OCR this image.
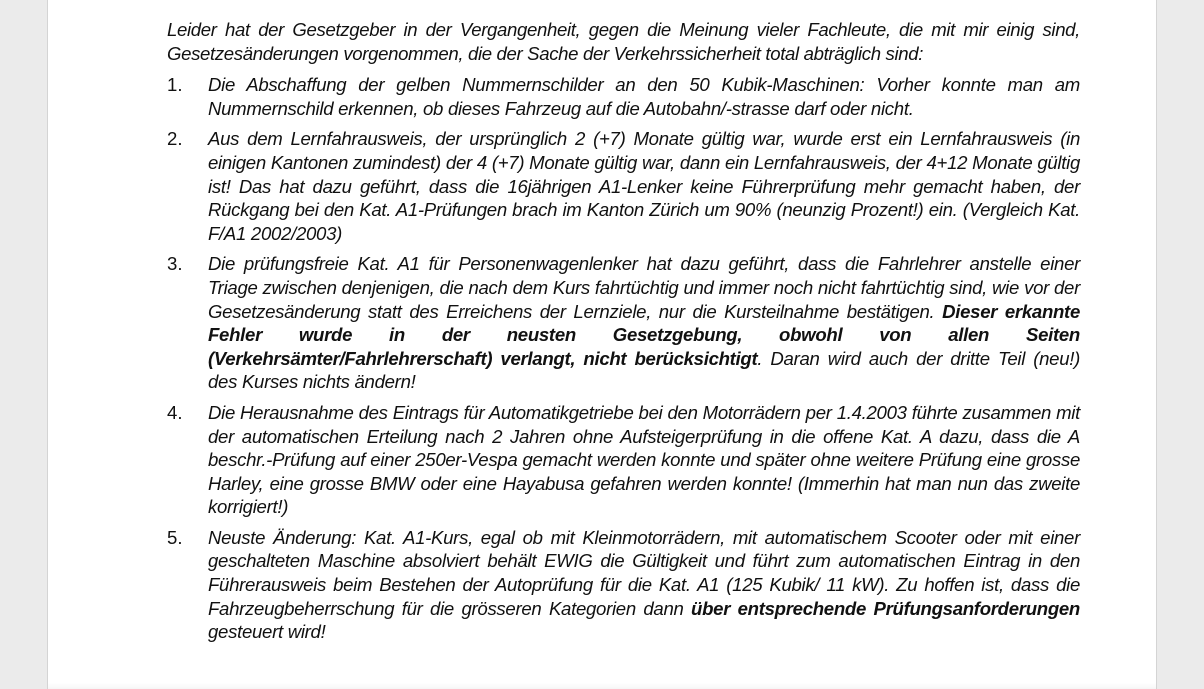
Leider hat der Gesetzgeber in der Vergangenheit, gegen die Meinung vieler Fachleute, die mit mir einig sind, Gesetzesänderungen vorgenommen, die der Sache der Verkehrssicherheit total abträglich sind:

1. Die Abschaffung der gelben Nummernschilder an den 50 Kubik-Maschinen: Vorher konnte man am Nummernschild erkennen, ob dieses Fahrzeug auf die Autobahn/-strasse darf oder nicht.

2. Aus dem Lernfahrausweis, der ursprünglich 2 (+7) Monate gültig war, wurde erst ein Lernfahrausweis (in einigen Kantonen zumindest) der 4 (+7) Monate gültig war, dann ein Lernfahrausweis, der 4+12 Monate gültig ist! Das hat dazu geführt, dass die 16jährigen A1-Lenker keine Führerprüfung mehr gemacht haben, der Rückgang bei den Kat. A1-Prüfungen brach im Kanton Zürich um 90% (neunzig Prozent!) ein. (Vergleich Kat. F/A1 2002/2003)

3. Die prüfungsfreie Kat. A1 für Personenwagenlenker hat dazu geführt, dass die Fahrlehrer anstelle einer Triage zwischen denjenigen, die nach dem Kurs fahrtüchtig und immer noch nicht fahrtüchtig sind, wie vor der Gesetzesänderung statt des Erreichens der Lernziele, nur die Kursteilnahme bestätigen. Dieser erkannte Fehler wurde in der neusten Gesetzgebung, obwohl von allen Seiten (Verkehrsämter/Fahrlehrerschaft) verlangt, nicht berücksichtigt. Daran wird auch der dritte Teil (neu!) des Kurses nichts ändern!

4. Die Herausnahme des Eintrags für Automatikgetriebe bei den Motorrädern per 1.4.2003 führte zusammen mit der automatischen Erteilung nach 2 Jahren ohne Aufsteigerprüfung in die offene Kat. A dazu, dass die A beschr.-Prüfung auf einer 250er-Vespa gemacht werden konnte und später ohne weitere Prüfung eine grosse Harley, eine grosse BMW oder eine Hayabusa gefahren werden konnte! (Immerhin hat man nun das zweite korrigiert!)

5. Neuste Änderung: Kat. A1-Kurs, egal ob mit Kleinmotorrädern, mit automatischem Scooter oder mit einer geschalteten Maschine absolviert behält EWIG die Gültigkeit und führt zum automatischen Eintrag in den Führerausweis beim Bestehen der Autoprüfung für die Kat. A1 (125 Kubik/ 11 kW). Zu hoffen ist, dass die Fahrzeugbeherrschung für die grösseren Kategorien dann über entsprechende Prüfungsanforderungen gesteuert wird!
